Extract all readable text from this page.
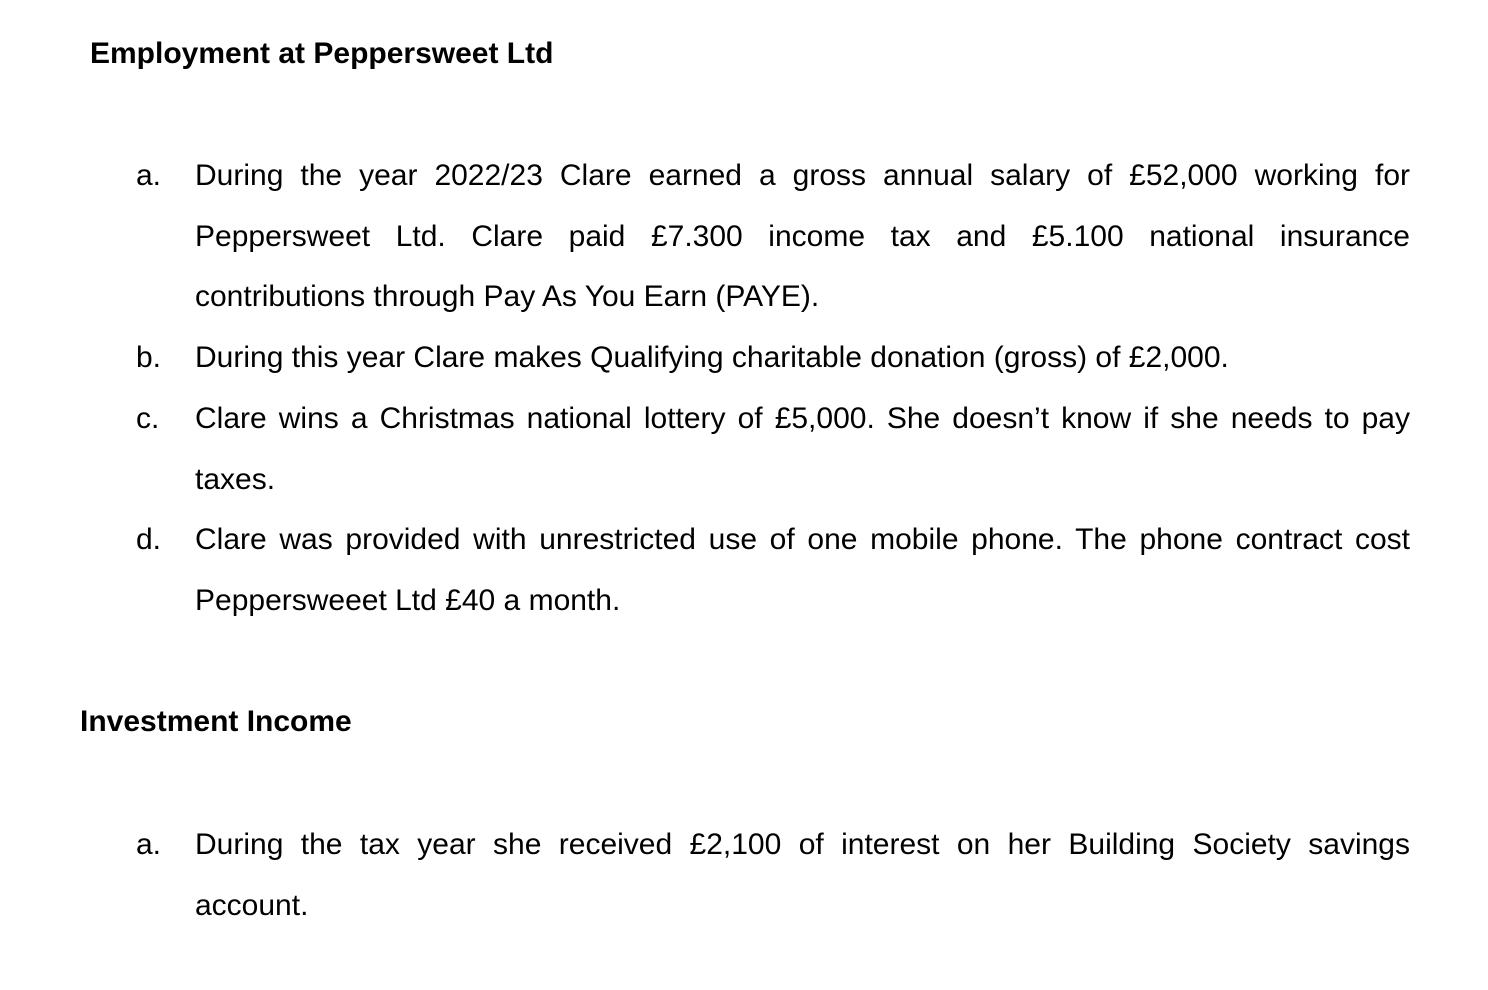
Employment at Peppersweet Ltd
a.	During the year 2022/23 Clare earned a gross annual salary of £52,000 working for Peppersweet Ltd. Clare paid £7.300 income tax and £5.100 national insurance contributions through Pay As You Earn (PAYE).
b.	During this year Clare makes Qualifying charitable donation (gross) of £2,000.
c.	Clare wins a Christmas national lottery of £5,000. She doesn’t know if she needs to pay taxes.
d.	Clare was provided with unrestricted use of one mobile phone. The phone contract cost Peppersweeet Ltd £40 a month.
Investment Income
a.	During the tax year she received £2,100 of interest on her Building Society savings account.
